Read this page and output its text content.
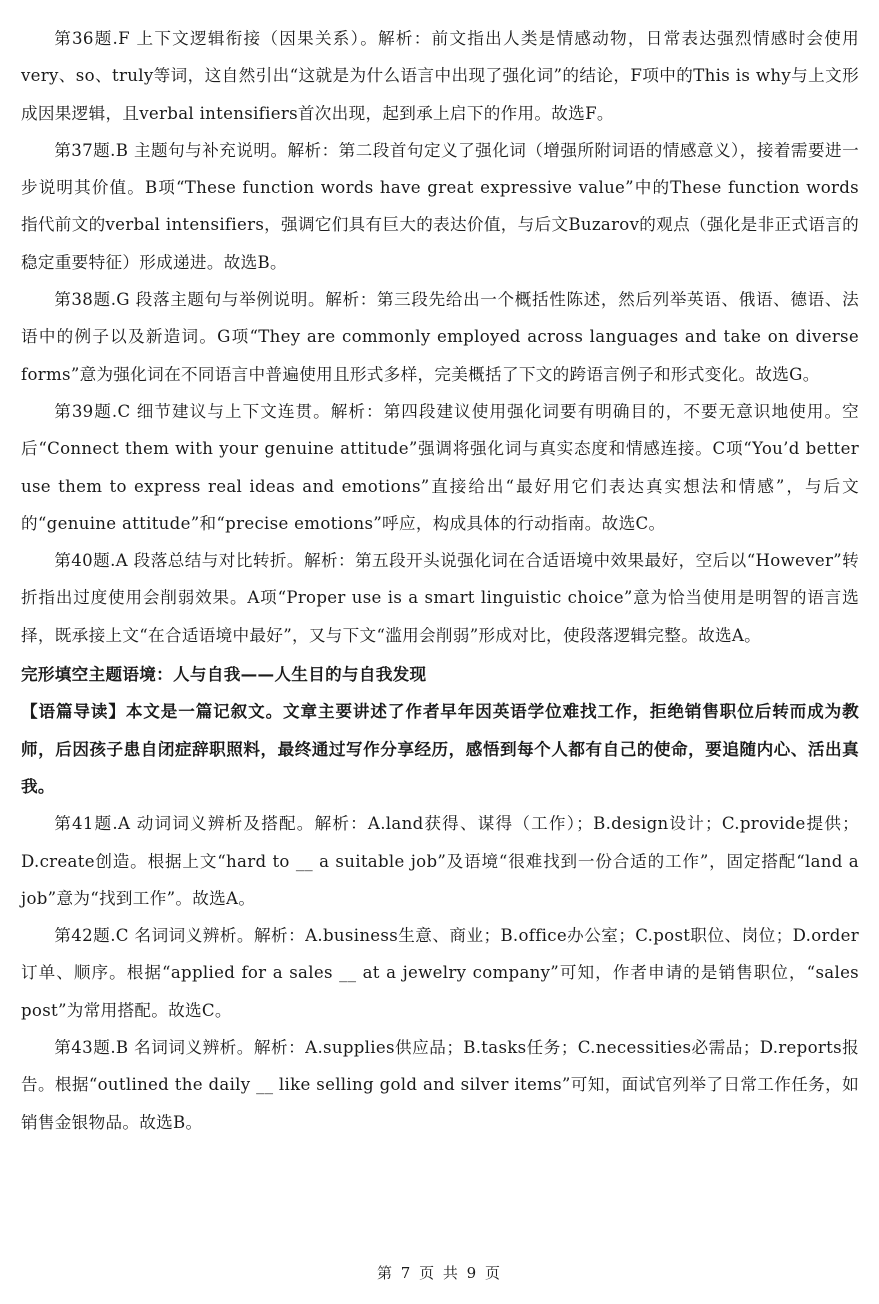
第36题.F 上下文逻辑衔接（因果关系）。解析：前文指出人类是情感动物，日常表达强烈情感时会使用very、so、truly等词，这自然引出“这就是为什么语言中出现了强化词”的结论，F项中的This is why与上文形成因果逻辑，且verbal intensifiers首次出现，起到承上启下的作用。故选F。

第37题.B 主题句与补充说明。解析：第二段首句定义了强化词（增强所附词语的情感意义），接着需要进一步说明其价值。B项“These function words have great expressive value”中的These function words指代前文的verbal intensifiers，强调它们具有巨大的表达价值，与后文Buzarov的观点（强化是非正式语言的稳定重要特征）形成递进。故选B。

第38题.G 段落主题句与举例说明。解析：第三段先给出一个概括性陈述，然后列举英语、俄语、德语、法语中的例子以及新造词。G项“They are commonly employed across languages and take on diverse forms”意为强化词在不同语言中普遍使用且形式多样，完美概括了下文的跨语言例子和形式变化。故选G。

第39题.C 细节建议与上下文连贯。解析：第四段建议使用强化词要有明确目的，不要无意识地使用。空后“Connect them with your genuine attitude”强调将强化词与真实态度和情感连接。C项“You’d better use them to express real ideas and emotions”直接给出“最好用它们表达真实想法和情感”，与后文的“genuine attitude”和“precise emotions”呼应，构成具体的行动指南。故选C。

第40题.A 段落总结与对比转折。解析：第五段开头说强化词在合适语境中效果最好，空后以“However”转折指出过度使用会削弱效果。A项“Proper use is a smart linguistic choice”意为恰当使用是明智的语言选择，既承接上文“在合适语境中最好”，又与下文“滥用会削弱”形成对比，使段落逻辑完整。故选A。

完形填空主题语境：人与自我——人生目的与自我发现

【语篇导读】本文是一篇记叙文。文章主要讲述了作者早年因英语学位难找工作，拒绝销售职位后转而成为教师，后因孩子患自闭症辞职照料，最终通过写作分享经历，感悟到每个人都有自己的使命，要追随内心、活出真我。

第41题.A 动词词义辨析及搭配。解析：A.land获得、谋得（工作）；B.design设计；C.provide提供；D.create创造。根据上文“hard to __ a suitable job”及语境“很难找到一份合适的工作”，固定搭配“land a job”意为“找到工作”。故选A。

第42题.C 名词词义辨析。解析：A.business生意、商业；B.office办公室；C.post职位、岗位；D.order订单、顺序。根据“applied for a sales __ at a jewelry company”可知，作者申请的是销售职位，“sales post”为常用搭配。故选C。

第43题.B 名词词义辨析。解析：A.supplies供应品；B.tasks任务；C.necessities必需品；D.reports报告。根据“outlined the daily __ like selling gold and silver items”可知，面试官列举了日常工作任务，如销售金银物品。故选B。

第 7 页 共 9 页
